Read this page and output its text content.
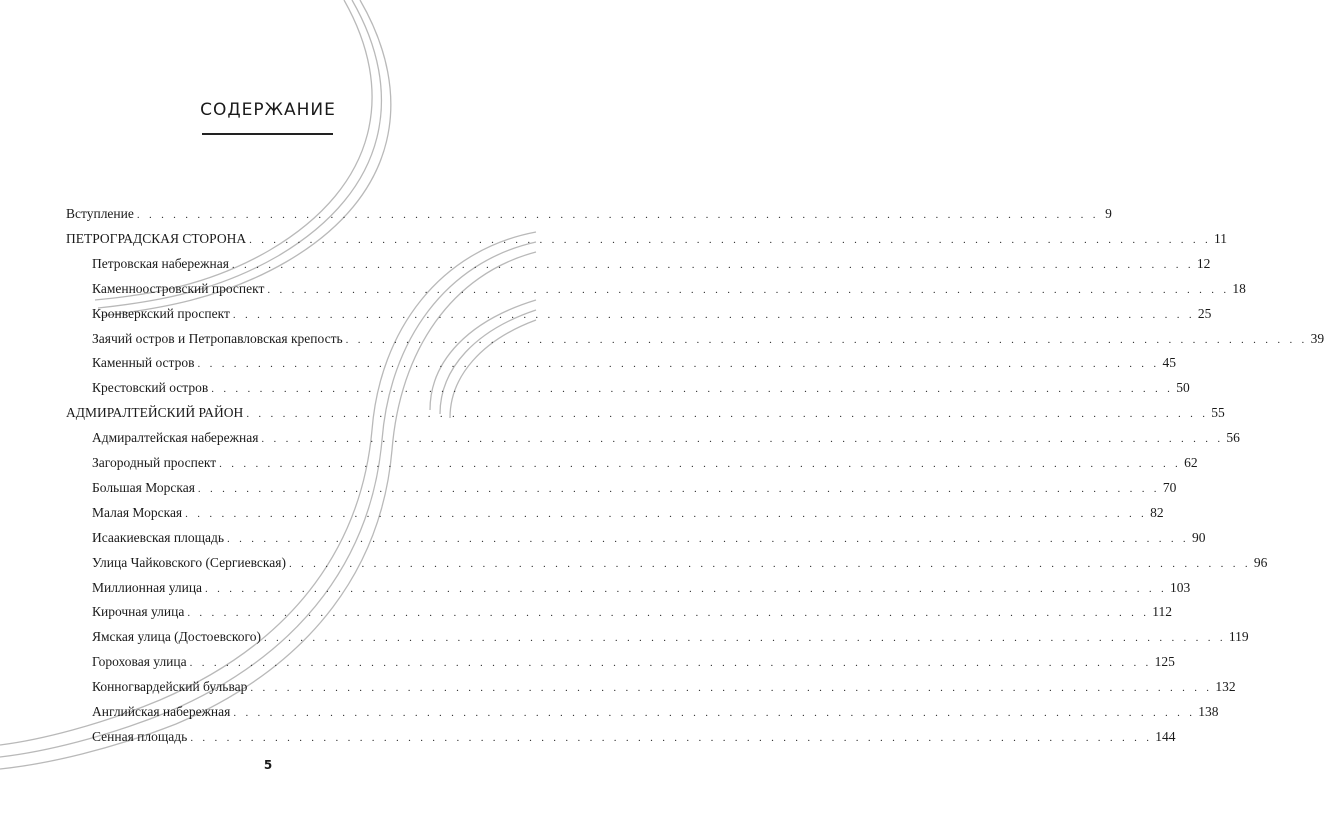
СОДЕРЖАНИЕ
Вступление . . . . . . . . . . . . . . . . . . . . . . . . . . . . . . . . . . . . . . . . . . . . . . . . . . . . . . . . . . . . . . . . . . . . . . . . . . . . . . . . 9
ПЕТРОГРАДСКАЯ СТОРОНА . . . . . . . . . . . . . . . . . . . . . . . . . . . . . . . . . . . . . . . . . . . . . . . . . . . . . . . . . . . . . . . . . . . . . . . . . . . . . . . . 11
Петровская набережная . . . . . . . . . . . . . . . . . . . . . . . . . . . . . . . . . . . . . . . . . . . . . . . . . . . . . . . . . . . . . . . . . . . . . . . . . . . . . . . . 12
Каменноостровский проспект . . . . . . . . . . . . . . . . . . . . . . . . . . . . . . . . . . . . . . . . . . . . . . . . . . . . . . . . . . . . . . . . . . . . . . . . . . . . . . . . 18
Кронверкский проспект . . . . . . . . . . . . . . . . . . . . . . . . . . . . . . . . . . . . . . . . . . . . . . . . . . . . . . . . . . . . . . . . . . . . . . . . . . . . . . . . 25
Заячий остров и Петропавловская крепость . . . . . . . . . . . . . . . . . . . . . . . . . . . . . . . . . . . . . . . . . . . . . . . . . . . . . . . . . . . . . . . . . . . . . . . . . . . . . . . . 39
Каменный остров . . . . . . . . . . . . . . . . . . . . . . . . . . . . . . . . . . . . . . . . . . . . . . . . . . . . . . . . . . . . . . . . . . . . . . . . . . . . . . . . 45
Крестовский остров . . . . . . . . . . . . . . . . . . . . . . . . . . . . . . . . . . . . . . . . . . . . . . . . . . . . . . . . . . . . . . . . . . . . . . . . . . . . . . . . 50
АДМИРАЛТЕЙСКИЙ РАЙОН . . . . . . . . . . . . . . . . . . . . . . . . . . . . . . . . . . . . . . . . . . . . . . . . . . . . . . . . . . . . . . . . . . . . . . . . . . . . . . . . 55
Адмиралтейская набережная . . . . . . . . . . . . . . . . . . . . . . . . . . . . . . . . . . . . . . . . . . . . . . . . . . . . . . . . . . . . . . . . . . . . . . . . . . . . . . . . 56
Загородный проспект . . . . . . . . . . . . . . . . . . . . . . . . . . . . . . . . . . . . . . . . . . . . . . . . . . . . . . . . . . . . . . . . . . . . . . . . . . . . . . . . 62
Большая Морская . . . . . . . . . . . . . . . . . . . . . . . . . . . . . . . . . . . . . . . . . . . . . . . . . . . . . . . . . . . . . . . . . . . . . . . . . . . . . . . . 70
Малая Морская . . . . . . . . . . . . . . . . . . . . . . . . . . . . . . . . . . . . . . . . . . . . . . . . . . . . . . . . . . . . . . . . . . . . . . . . . . . . . . . . 82
Исаакиевская площадь . . . . . . . . . . . . . . . . . . . . . . . . . . . . . . . . . . . . . . . . . . . . . . . . . . . . . . . . . . . . . . . . . . . . . . . . . . . . . . . . 90
Улица Чайковского (Сергиевская) . . . . . . . . . . . . . . . . . . . . . . . . . . . . . . . . . . . . . . . . . . . . . . . . . . . . . . . . . . . . . . . . . . . . . . . . . . . . . . . . 96
Миллионная улица . . . . . . . . . . . . . . . . . . . . . . . . . . . . . . . . . . . . . . . . . . . . . . . . . . . . . . . . . . . . . . . . . . . . . . . . . . . . . . . . 103
Кирочная улица . . . . . . . . . . . . . . . . . . . . . . . . . . . . . . . . . . . . . . . . . . . . . . . . . . . . . . . . . . . . . . . . . . . . . . . . . . . . . . . . 112
Ямская улица (Достоевского) . . . . . . . . . . . . . . . . . . . . . . . . . . . . . . . . . . . . . . . . . . . . . . . . . . . . . . . . . . . . . . . . . . . . . . . . . . . . . . . . 119
Гороховая улица . . . . . . . . . . . . . . . . . . . . . . . . . . . . . . . . . . . . . . . . . . . . . . . . . . . . . . . . . . . . . . . . . . . . . . . . . . . . . . . . 125
Конногвардейский бульвар . . . . . . . . . . . . . . . . . . . . . . . . . . . . . . . . . . . . . . . . . . . . . . . . . . . . . . . . . . . . . . . . . . . . . . . . . . . . . . . . 132
Английская набережная . . . . . . . . . . . . . . . . . . . . . . . . . . . . . . . . . . . . . . . . . . . . . . . . . . . . . . . . . . . . . . . . . . . . . . . . . . . . . . . . 138
Сенная площадь . . . . . . . . . . . . . . . . . . . . . . . . . . . . . . . . . . . . . . . . . . . . . . . . . . . . . . . . . . . . . . . . . . . . . . . . . . . . . . . . 144
5
